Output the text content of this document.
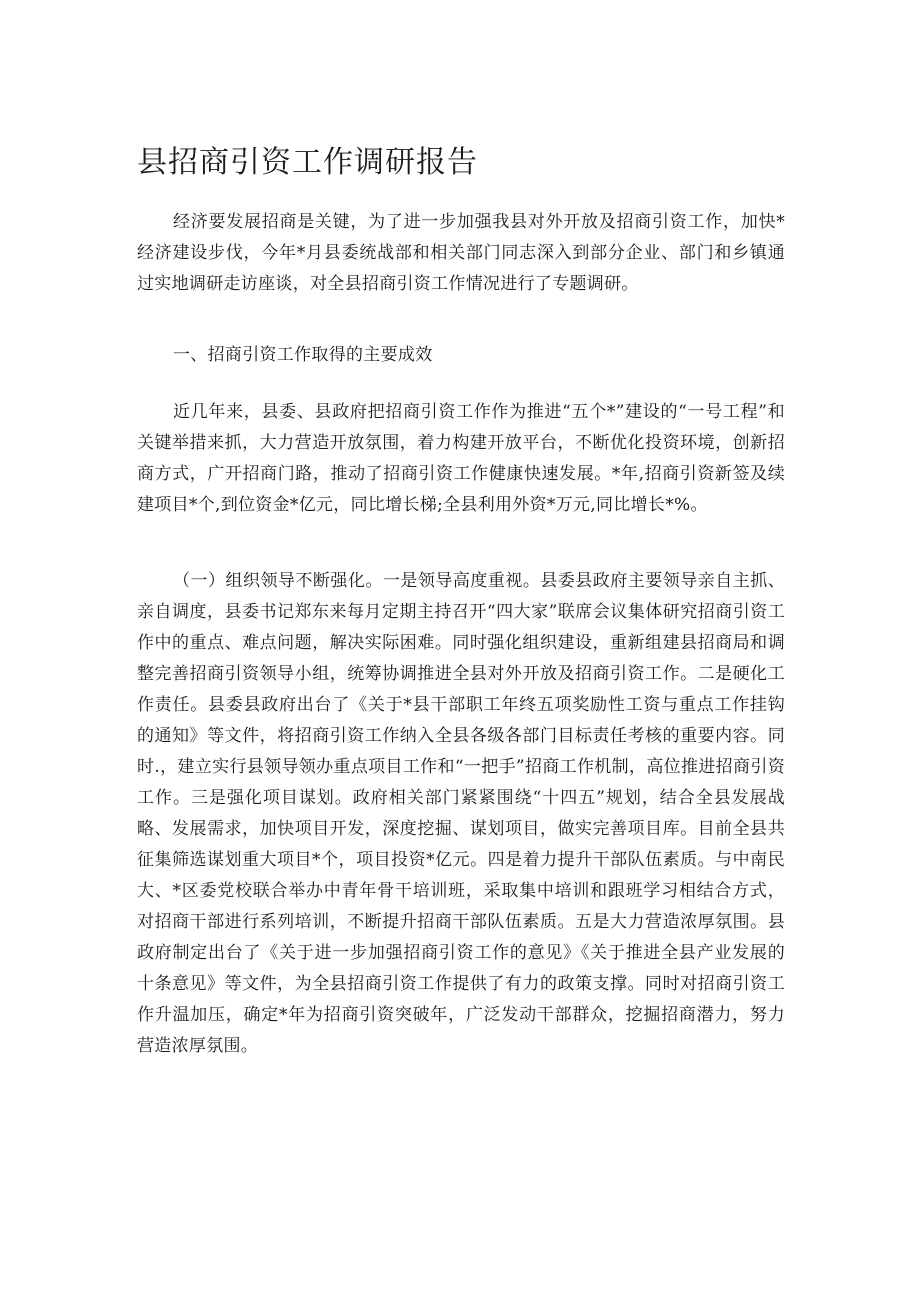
县招商引资工作调研报告

经济要发展招商是关键，为了进一步加强我县对外开放及招商引资工作，加快*经济建设步伐，今年*月县委统战部和相关部门同志深入到部分企业、部门和乡镇通过实地调研走访座谈，对全县招商引资工作情况进行了专题调研。

一、招商引资工作取得的主要成效

近几年来，县委、县政府把招商引资工作作为推进“五个*”建设的“一号工程”和关键举措来抓，大力营造开放氛围，着力构建开放平台，不断优化投资环境，创新招商方式，广开招商门路，推动了招商引资工作健康快速发展。*年,招商引资新签及续建项目*个,到位资金*亿元，同比增长梯;全县利用外资*万元,同比增长*%。

（一）组织领导不断强化。一是领导高度重视。县委县政府主要领导亲自主抓、亲自调度，县委书记郑东来每月定期主持召开“四大家”联席会议集体研究招商引资工作中的重点、难点问题，解决实际困难。同时强化组织建设，重新组建县招商局和调整完善招商引资领导小组，统筹协调推进全县对外开放及招商引资工作。二是硬化工作责任。县委县政府出台了《关于*县干部职工年终五项奖励性工资与重点工作挂钩的通知》等文件，将招商引资工作纳入全县各级各部门目标责任考核的重要内容。同时.，建立实行县领导领办重点项目工作和“一把手”招商工作机制，高位推进招商引资工作。三是强化项目谋划。政府相关部门紧紧围绕“十四五”规划，结合全县发展战略、发展需求，加快项目开发，深度挖掘、谋划项目，做实完善项目库。目前全县共征集筛选谋划重大项目*个，项目投资*亿元。四是着力提升干部队伍素质。与中南民大、*区委党校联合举办中青年骨干培训班，采取集中培训和跟班学习相结合方式，对招商干部进行系列培训，不断提升招商干部队伍素质。五是大力营造浓厚氛围。县政府制定出台了《关于进一步加强招商引资工作的意见》《关于推进全县产业发展的十条意见》等文件，为全县招商引资工作提供了有力的政策支撑。同时对招商引资工作升温加压，确定*年为招商引资突破年，广泛发动干部群众，挖掘招商潜力，努力营造浓厚氛围。
